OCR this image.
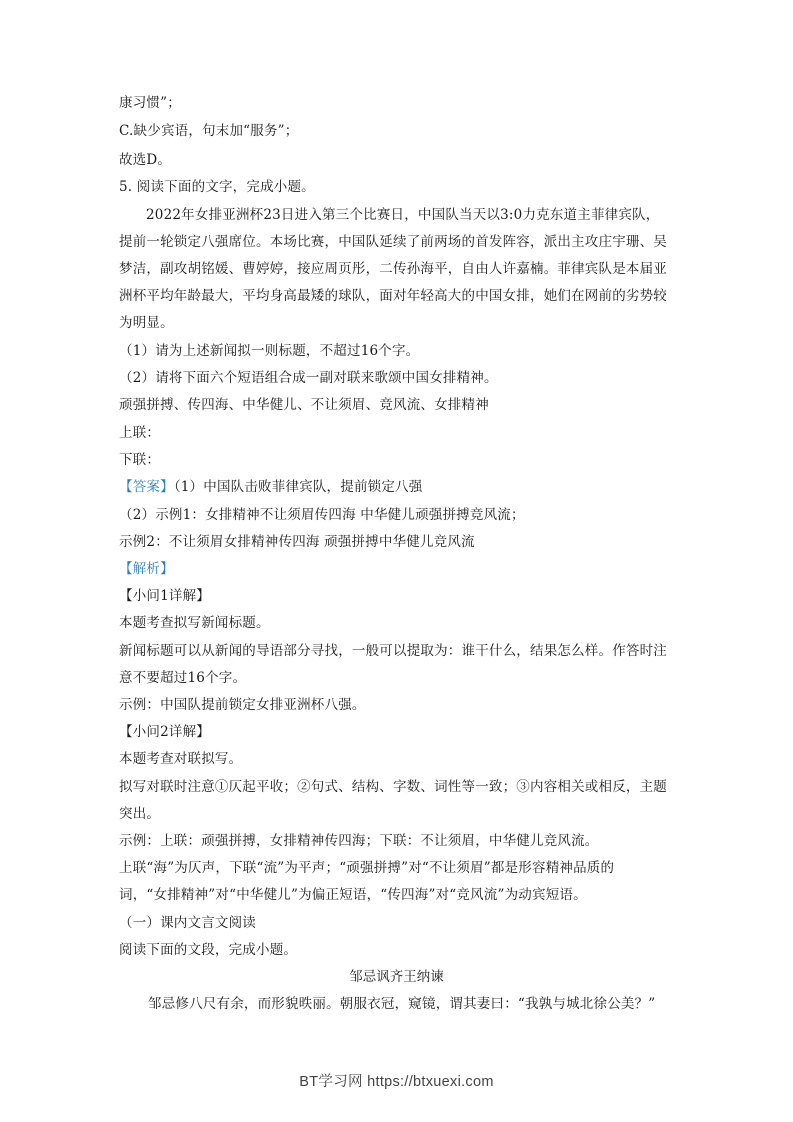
康习惯”；
C.缺少宾语，句末加“服务”；
故选D。
5. 阅读下面的文字，完成小题。
2022年女排亚洲杯23日进入第三个比赛日，中国队当天以3:0力克东道主菲律宾队，
提前一轮锁定八强席位。本场比赛，中国队延续了前两场的首发阵容，派出主攻庄宇珊、吴
梦洁，副攻胡铭媛、曹婷婷，接应周页彤，二传孙海平，自由人许嘉楠。菲律宾队是本届亚
洲杯平均年龄最大，平均身高最矮的球队，面对年轻高大的中国女排，她们在网前的劣势较
为明显。
（1）请为上述新闻拟一则标题，不超过16个字。
（2）请将下面六个短语组合成一副对联来歌颂中国女排精神。
顽强拼搏、传四海、中华健儿、不让须眉、竞风流、女排精神
上联：
下联：
【答案】（1）中国队击败菲律宾队，提前锁定八强
（2）示例1：女排精神不让须眉传四海 中华健儿顽强拼搏竞风流；
示例2：不让须眉女排精神传四海 顽强拼搏中华健儿竞风流
【解析】
【小问1详解】
本题考查拟写新闻标题。
新闻标题可以从新闻的导语部分寻找，一般可以提取为：谁干什么，结果怎么样。作答时注
意不要超过16个字。
示例：中国队提前锁定女排亚洲杯八强。
【小问2详解】
本题考查对联拟写。
拟写对联时注意①仄起平收；②句式、结构、字数、词性等一致；③内容相关或相反，主题
突出。
示例：上联：顽强拼搏，女排精神传四海；下联：不让须眉，中华健儿竞风流。
上联“海”为仄声，下联“流”为平声；“顽强拼搏”对“不让须眉”都是形容精神品质的
词，“女排精神”对“中华健儿”为偏正短语，“传四海”对“竞风流”为动宾短语。
（一）课内文言文阅读
阅读下面的文段，完成小题。
邹忌讽齐王纳谏
邹忌修八尺有余，而形貌昳丽。朝服衣冠，窥镜，谓其妻曰：“我孰与城北徐公美？”
BT学习网 https://btxuexi.com
